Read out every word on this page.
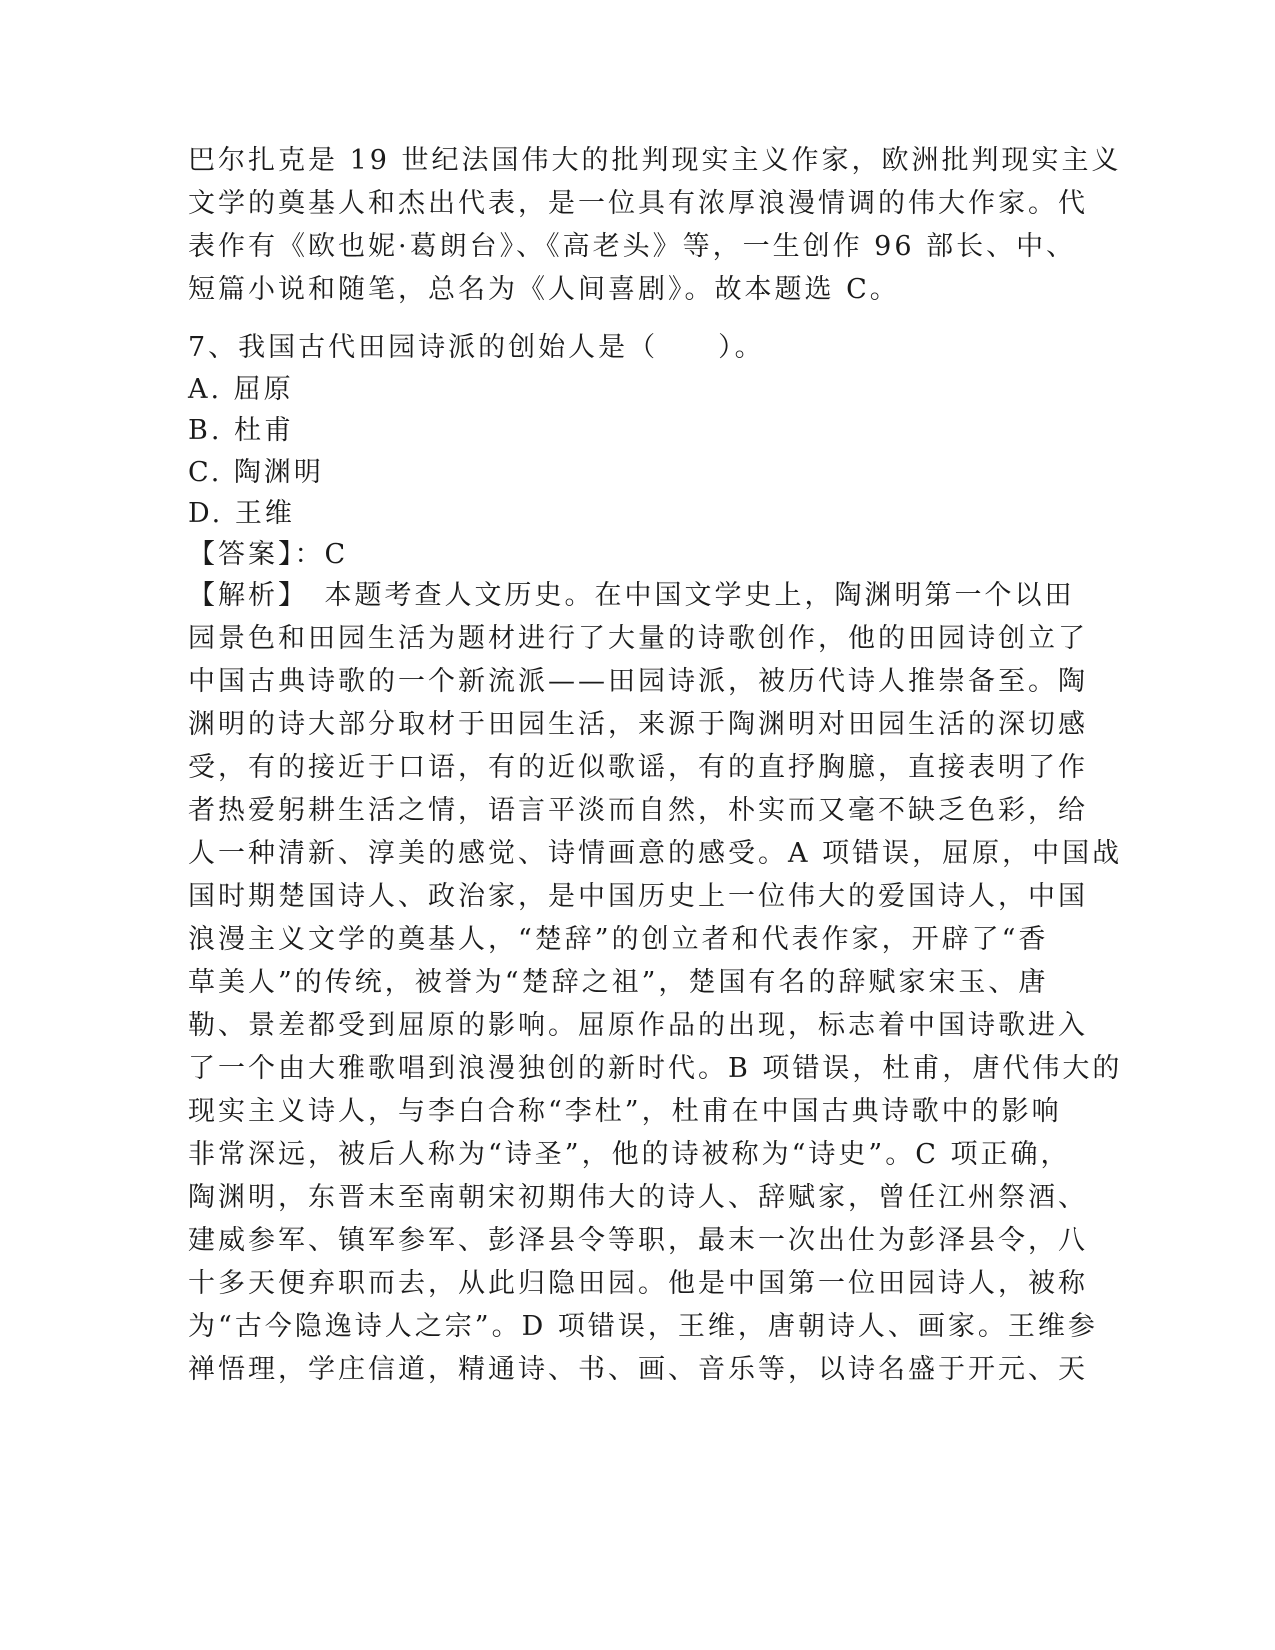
巴尔扎克是 19 世纪法国伟大的批判现实主义作家，欧洲批判现实主义
文学的奠基人和杰出代表，是一位具有浓厚浪漫情调的伟大作家。代
表作有《欧也妮·葛朗台》、《高老头》等，一生创作 96 部长、中、
短篇小说和随笔，总名为《人间喜剧》。故本题选 C。
7、我国古代田园诗派的创始人是（　　）。
A. 屈原
B. 杜甫
C. 陶渊明
D. 王维
【答案】：C
【解析】　本题考查人文历史。在中国文学史上，陶渊明第一个以田
园景色和田园生活为题材进行了大量的诗歌创作，他的田园诗创立了
中国古典诗歌的一个新流派——田园诗派，被历代诗人推崇备至。陶
渊明的诗大部分取材于田园生活，来源于陶渊明对田园生活的深切感
受，有的接近于口语，有的近似歌谣，有的直抒胸臆，直接表明了作
者热爱躬耕生活之情，语言平淡而自然，朴实而又毫不缺乏色彩，给
人一种清新、淳美的感觉、诗情画意的感受。A 项错误，屈原，中国战
国时期楚国诗人、政治家，是中国历史上一位伟大的爱国诗人，中国
浪漫主义文学的奠基人，“楚辞”的创立者和代表作家，开辟了“香
草美人”的传统，被誉为“楚辞之祖”，楚国有名的辞赋家宋玉、唐
勒、景差都受到屈原的影响。屈原作品的出现，标志着中国诗歌进入
了一个由大雅歌唱到浪漫独创的新时代。B 项错误，杜甫，唐代伟大的
现实主义诗人，与李白合称“李杜”，杜甫在中国古典诗歌中的影响
非常深远，被后人称为“诗圣”，他的诗被称为“诗史”。C 项正确，
陶渊明，东晋末至南朝宋初期伟大的诗人、辞赋家，曾任江州祭酒、
建威参军、镇军参军、彭泽县令等职，最末一次出仕为彭泽县令，八
十多天便弃职而去，从此归隐田园。他是中国第一位田园诗人，被称
为“古今隐逸诗人之宗”。D 项错误，王维，唐朝诗人、画家。王维参
禅悟理，学庄信道，精通诗、书、画、音乐等，以诗名盛于开元、天
